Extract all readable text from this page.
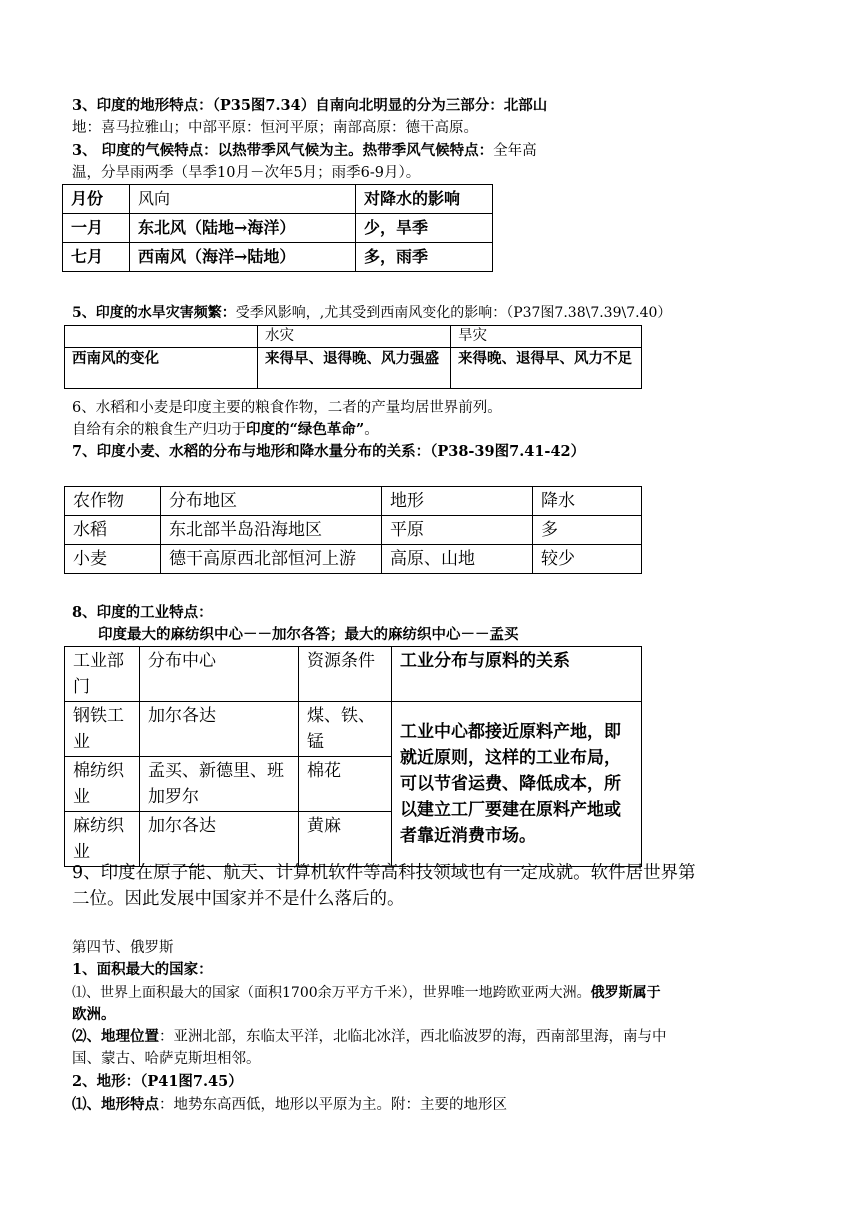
3、印度的地形特点：（P35图7.34）自南向北明显的分为三部分：北部山
地：喜马拉雅山；中部平原：恒河平原；南部高原：德干高原。
3、 印度的气候特点：以热带季风气候为主。热带季风气候特点：全年高
温，分旱雨两季（旱季10月－次年5月；雨季6-9月）。
月份	风向	对降水的影响
一月	东北风（陆地→海洋）	少，旱季
七月	西南风（海洋→陆地）	多，雨季
5、印度的水旱灾害频繁：受季风影响，,尤其受到西南风变化的影响：（P37图7.38\7.39\7.40）
	水灾	旱灾
西南风的变化	来得早、退得晚、风力强盛	来得晚、退得早、风力不足
6、水稻和小麦是印度主要的粮食作物，二者的产量均居世界前列。
自给有余的粮食生产归功于印度的“绿色革命”。
7、印度小麦、水稻的分布与地形和降水量分布的关系：（P38-39图7.41-42）
农作物	分布地区	地形	降水
水稻	东北部半岛沿海地区	平原	多
小麦	德干高原西北部恒河上游	高原、山地	较少
8、印度的工业特点：
印度最大的麻纺织中心－－加尔各答；最大的麻纺织中心－－孟买
工业部门	分布中心	资源条件	工业分布与原料的关系
钢铁工业	加尔各达	煤、铁、锰	工业中心都接近原料产地，即就近原则，这样的工业布局，可以节省运费、降低成本，所以建立工厂要建在原料产地或者靠近消费市场。
棉纺织业	孟买、新德里、班加罗尔	棉花	
麻纺织业	加尔各达	黄麻	
9、印度在原子能、航天、计算机软件等高科技领域也有一定成就。软件居世界第
二位。因此发展中国家并不是什么落后的。
第四节、俄罗斯
1、面积最大的国家：
⑴、世界上面积最大的国家（面积1700余万平方千米），世界唯一地跨欧亚两大洲。俄罗斯属于
欧洲。
⑵、地理位置：亚洲北部，东临太平洋，北临北冰洋，西北临波罗的海，西南部里海，南与中
国、蒙古、哈萨克斯坦相邻。
2、地形：（P41图7.45）
⑴、地形特点：地势东高西低，地形以平原为主。附：主要的地形区
